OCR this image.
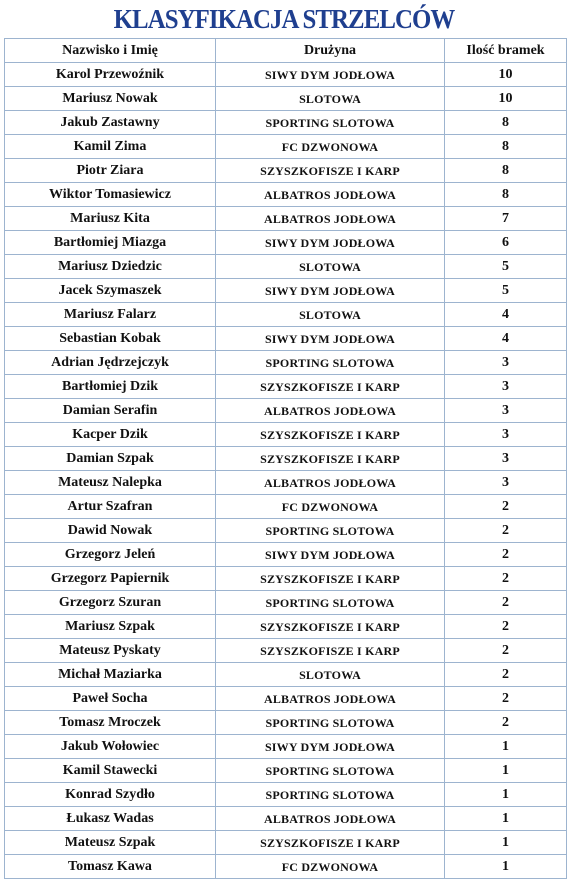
KLASYFIKACJA STRZELCÓW
Nazwisko i Imię	Drużyna	Ilość bramek
Karol Przewoźnik	SIWY DYM JODŁOWA	10
Mariusz Nowak	SLOTOWA	10
Jakub Zastawny	SPORTING SLOTOWA	8
Kamil Zima	FC DZWONOWA	8
Piotr Ziara	SZYSZKOFISZE I KARP	8
Wiktor Tomasiewicz	ALBATROS JODŁOWA	8
Mariusz Kita	ALBATROS JODŁOWA	7
Bartłomiej Miazga	SIWY DYM JODŁOWA	6
Mariusz Dziedzic	SLOTOWA	5
Jacek Szymaszek	SIWY DYM JODŁOWA	5
Mariusz Falarz	SLOTOWA	4
Sebastian Kobak	SIWY DYM JODŁOWA	4
Adrian Jędrzejczyk	SPORTING SLOTOWA	3
Bartłomiej Dzik	SZYSZKOFISZE I KARP	3
Damian Serafin	ALBATROS JODŁOWA	3
Kacper Dzik	SZYSZKOFISZE I KARP	3
Damian Szpak	SZYSZKOFISZE I KARP	3
Mateusz Nalepka	ALBATROS JODŁOWA	3
Artur Szafran	FC DZWONOWA	2
Dawid Nowak	SPORTING SLOTOWA	2
Grzegorz Jeleń	SIWY DYM JODŁOWA	2
Grzegorz Papiernik	SZYSZKOFISZE I KARP	2
Grzegorz Szuran	SPORTING SLOTOWA	2
Mariusz Szpak	SZYSZKOFISZE I KARP	2
Mateusz Pyskaty	SZYSZKOFISZE I KARP	2
Michał Maziarka	SLOTOWA	2
Paweł Socha	ALBATROS JODŁOWA	2
Tomasz Mroczek	SPORTING SLOTOWA	2
Jakub Wołowiec	SIWY DYM JODŁOWA	1
Kamil Stawecki	SPORTING SLOTOWA	1
Konrad Szydło	SPORTING SLOTOWA	1
Łukasz Wadas	ALBATROS JODŁOWA	1
Mateusz Szpak	SZYSZKOFISZE I KARP	1
Tomasz Kawa	FC DZWONOWA	1
